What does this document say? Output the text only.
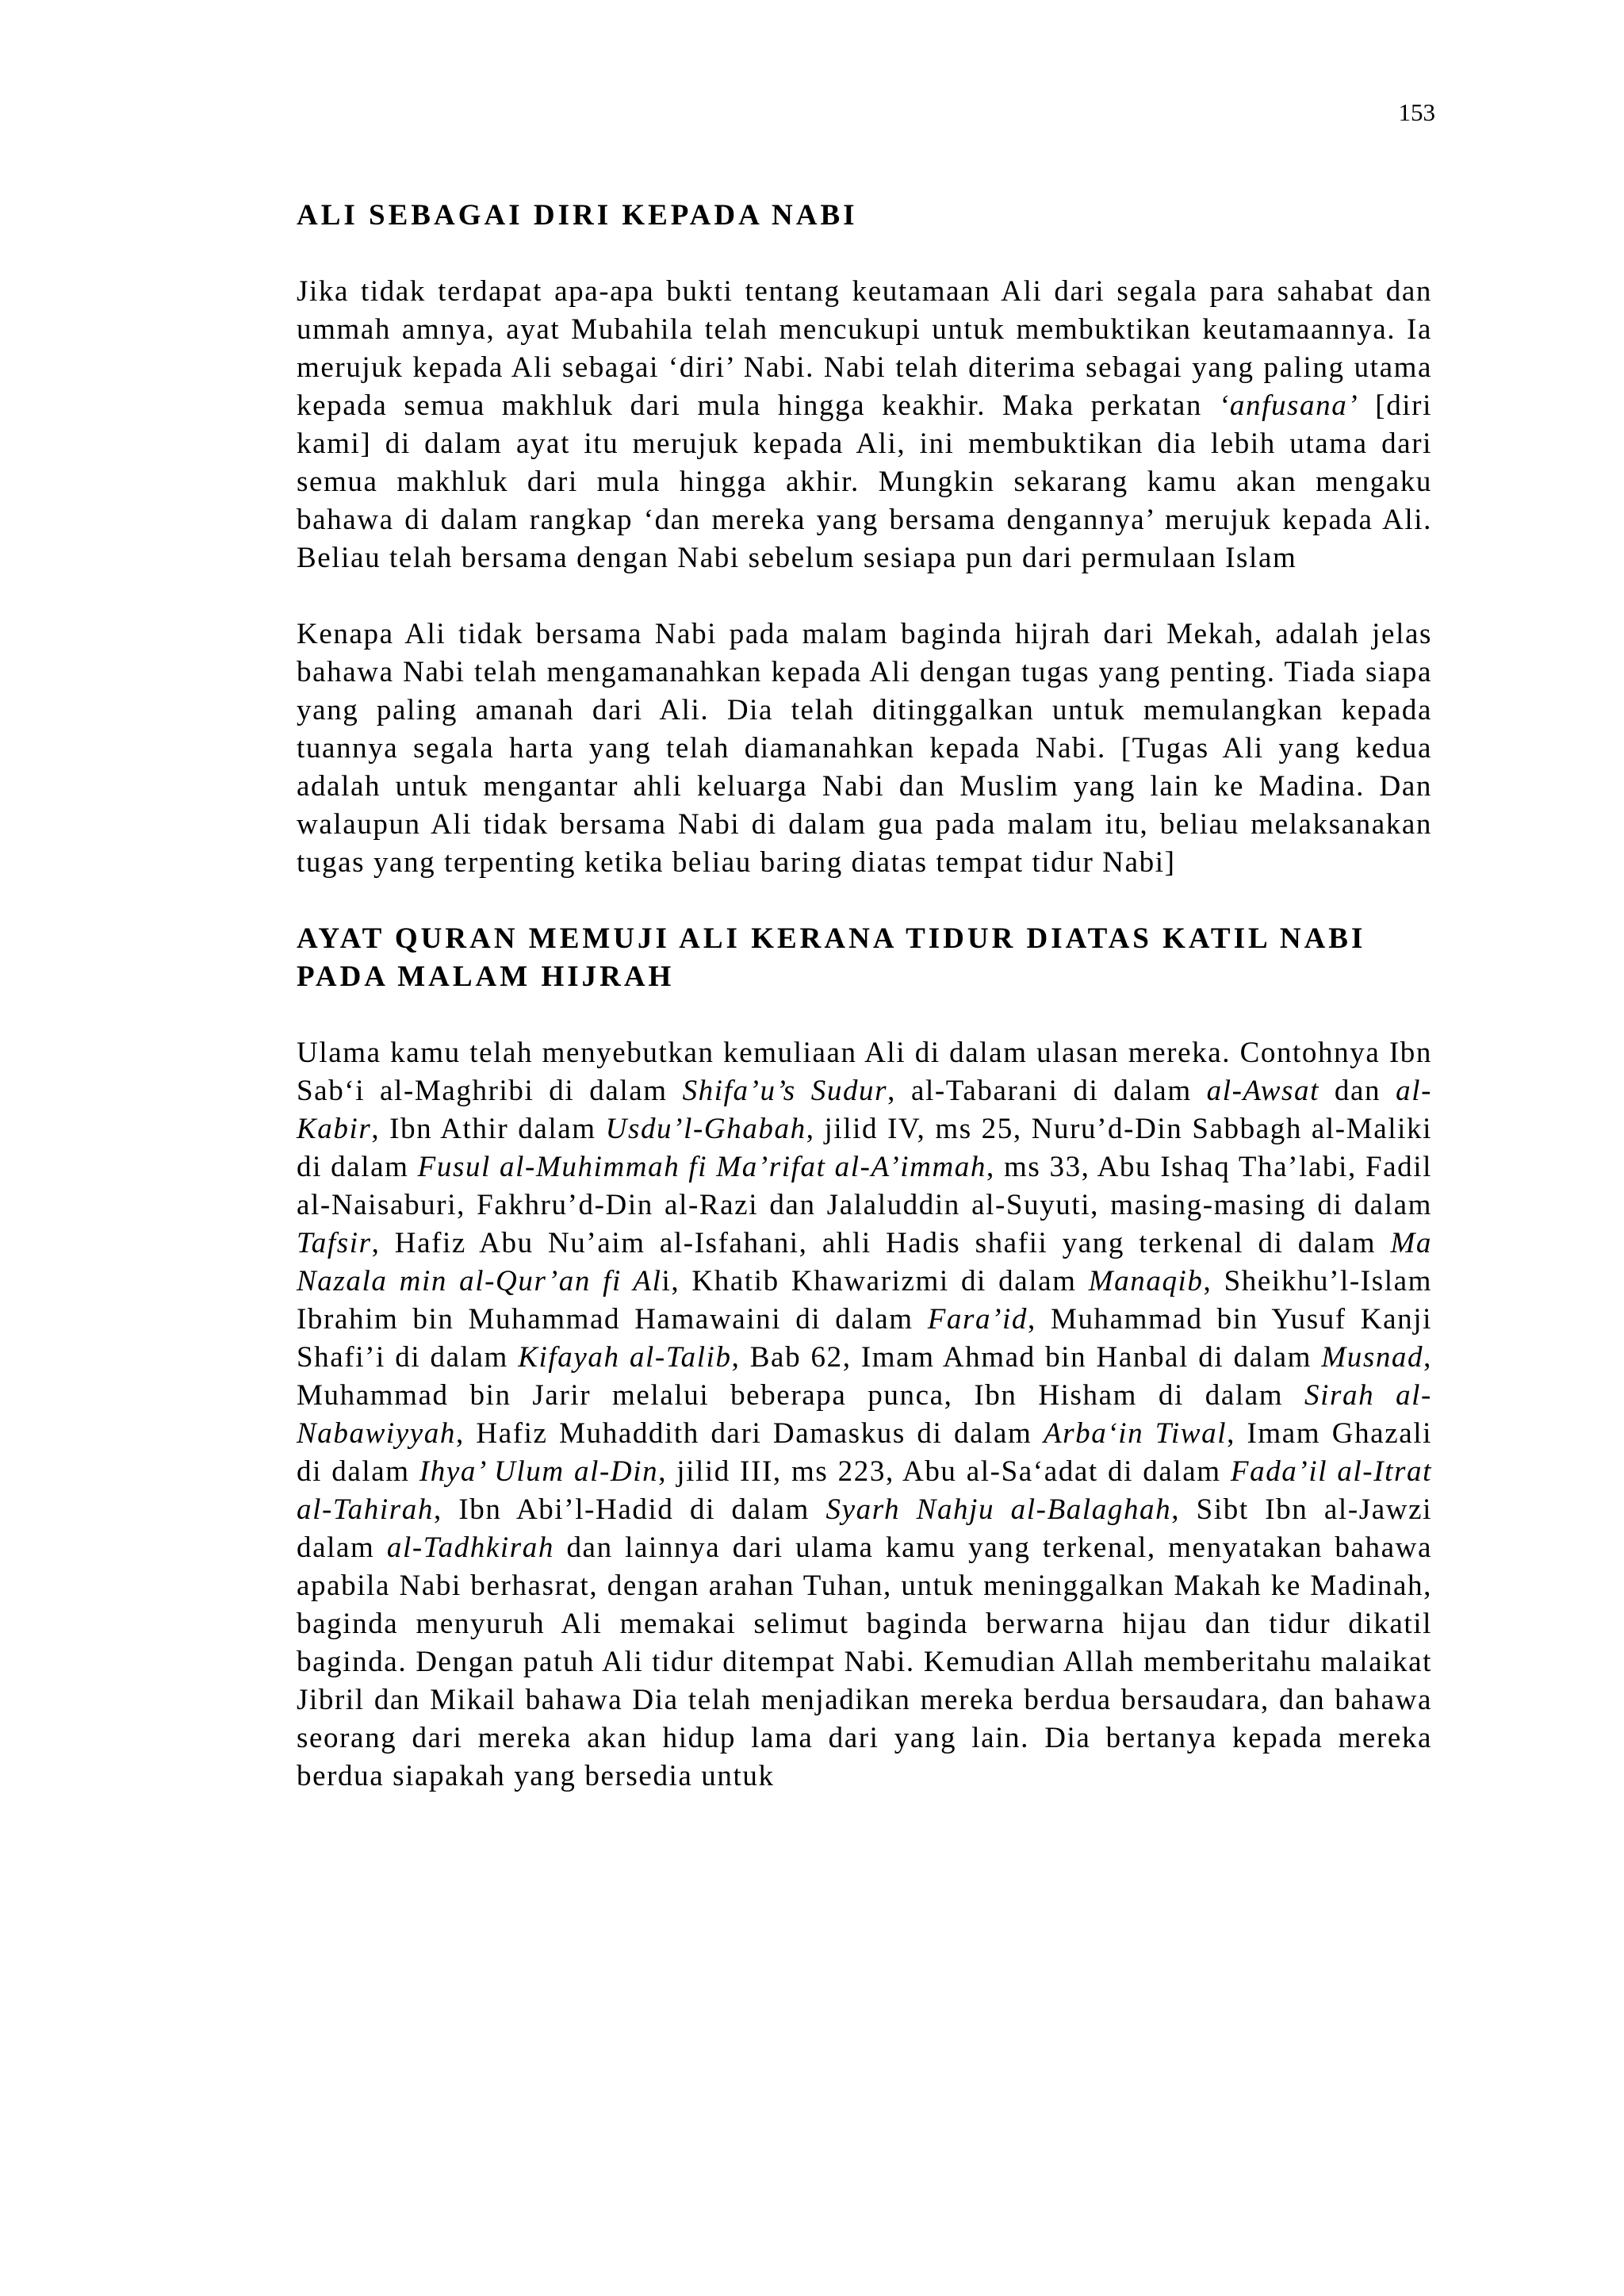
153
ALI SEBAGAI DIRI KEPADA NABI

Jika tidak terdapat apa-apa bukti tentang keutamaan Ali dari segala para sahabat dan ummah amnya, ayat Mubahila telah mencukupi untuk membuktikan keutamaannya. Ia merujuk kepada Ali sebagai ‘diri’ Nabi. Nabi telah diterima sebagai yang paling utama kepada semua makhluk dari mula hingga keakhir. Maka perkatan ‘anfusana’ [diri kami] di dalam ayat itu merujuk kepada Ali, ini membuktikan dia lebih utama dari semua makhluk dari mula hingga akhir. Mungkin sekarang kamu akan mengaku bahawa di dalam rangkap ‘dan mereka yang bersama dengannya’ merujuk kepada Ali. Beliau telah bersama dengan Nabi sebelum sesiapa pun dari permulaan Islam

Kenapa Ali tidak bersama Nabi pada malam baginda hijrah dari Mekah, adalah jelas bahawa Nabi telah mengamanahkan kepada Ali dengan tugas yang penting. Tiada siapa yang paling amanah dari Ali. Dia telah ditinggalkan untuk memulangkan kepada tuannya segala harta yang telah diamanahkan kepada Nabi. [Tugas Ali yang kedua adalah untuk mengantar ahli keluarga Nabi dan Muslim yang lain ke Madina. Dan walaupun Ali tidak bersama Nabi di dalam gua pada malam itu, beliau melaksanakan tugas yang terpenting ketika beliau baring diatas tempat tidur Nabi]

AYAT QURAN MEMUJI ALI KERANA TIDUR DIATAS KATIL NABI PADA MALAM HIJRAH

Ulama kamu telah menyebutkan kemuliaan Ali di dalam ulasan mereka. Contohnya Ibn Sab‘i al-Maghribi di dalam Shifa’u’s Sudur, al-Tabarani di dalam al-Awsat dan al-Kabir, Ibn Athir dalam Usdu’l-Ghabah, jilid IV, ms 25, Nuru’d-Din Sabbagh al-Maliki di dalam Fusul al-Muhimmah fi Ma’rifat al-A’immah, ms 33, Abu Ishaq Tha’labi, Fadil al-Naisaburi, Fakhru’d-Din al-Razi dan Jalaluddin al-Suyuti, masing-masing di dalam Tafsir, Hafiz Abu Nu’aim al-Isfahani, ahli Hadis shafii yang terkenal di dalam Ma Nazala min al-Qur’an fi Ali, Khatib Khawarizmi di dalam Manaqib, Sheikhu’l-Islam Ibrahim bin Muhammad Hamawaini di dalam Fara’id, Muhammad bin Yusuf Kanji Shafi’i di dalam Kifayah al-Talib, Bab 62, Imam Ahmad bin Hanbal di dalam Musnad, Muhammad bin Jarir melalui beberapa punca, Ibn Hisham di dalam Sirah al-Nabawiyyah, Hafiz Muhaddith dari Damaskus di dalam Arba‘in Tiwal, Imam Ghazali di dalam Ihya’ Ulum al-Din, jilid III, ms 223, Abu al-Sa‘adat di dalam Fada’il al-Itrat al-Tahirah, Ibn Abi’l-Hadid di dalam Syarh Nahju al-Balaghah, Sibt Ibn al-Jawzi dalam al-Tadhkirah dan lainnya dari ulama kamu yang terkenal, menyatakan bahawa apabila Nabi berhasrat, dengan arahan Tuhan, untuk meninggalkan Makah ke Madinah, baginda menyuruh Ali memakai selimut baginda berwarna hijau dan tidur dikatil baginda. Dengan patuh Ali tidur ditempat Nabi. Kemudian Allah memberitahu malaikat Jibril dan Mikail bahawa Dia telah menjadikan mereka berdua bersaudara, dan bahawa seorang dari mereka akan hidup lama dari yang lain. Dia bertanya kepada mereka berdua siapakah yang bersedia untuk
